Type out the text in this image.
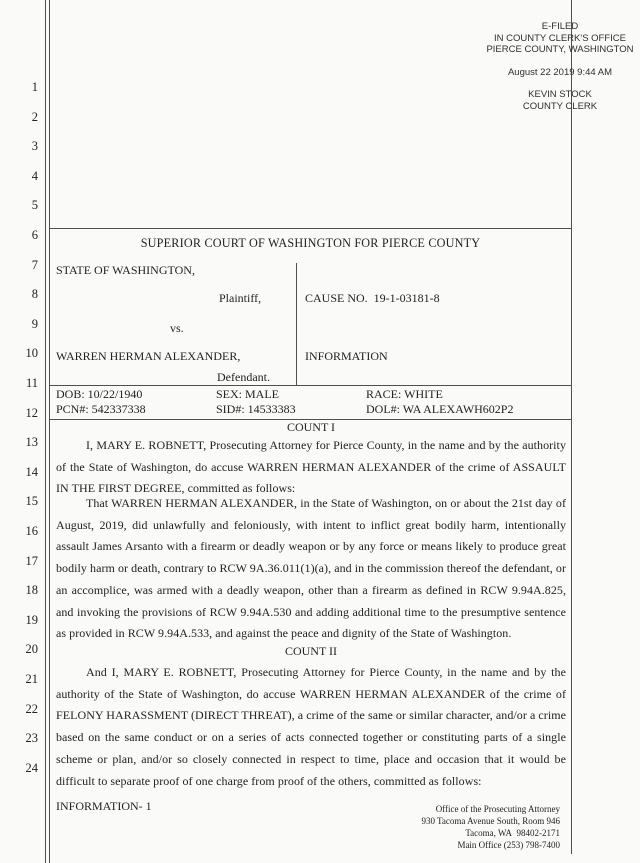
1
2
3
4
5
6
7
8
9
10
11
12
13
14
15
16
17
18
19
20
21
22
23
24
E-FILED
IN COUNTY CLERK'S OFFICE
PIERCE COUNTY, WASHINGTON
August 22 2019 9:44 AM
KEVIN STOCK
COUNTY CLERK
SUPERIOR COURT OF WASHINGTON FOR PIERCE COUNTY
STATE OF WASHINGTON,
Plaintiff,	CAUSE NO.  19-1-03181-8
vs.
WARREN HERMAN ALEXANDER,	INFORMATION
Defendant.
DOB: 10/22/1940	SEX: MALE	RACE: WHITE
PCN#: 542337338	SID#: 14533383	DOL#: WA ALEXAWH602P2
COUNT I
I, MARY E. ROBNETT, Prosecuting Attorney for Pierce County, in the name and by the authority of the State of Washington, do accuse WARREN HERMAN ALEXANDER of the crime of ASSAULT IN THE FIRST DEGREE, committed as follows:
That WARREN HERMAN ALEXANDER, in the State of Washington, on or about the 21st day of August, 2019, did unlawfully and feloniously, with intent to inflict great bodily harm, intentionally assault James Arsanto with a firearm or deadly weapon or by any force or means likely to produce great bodily harm or death, contrary to RCW 9A.36.011(1)(a), and in the commission thereof the defendant, or an accomplice, was armed with a deadly weapon, other than a firearm as defined in RCW 9.94A.825, and invoking the provisions of RCW 9.94A.530 and adding additional time to the presumptive sentence as provided in RCW 9.94A.533, and against the peace and dignity of the State of Washington.
COUNT II
And I, MARY E. ROBNETT, Prosecuting Attorney for Pierce County, in the name and by the authority of the State of Washington, do accuse WARREN HERMAN ALEXANDER of the crime of FELONY HARASSMENT (DIRECT THREAT), a crime of the same or similar character, and/or a crime based on the same conduct or on a series of acts connected together or constituting parts of a single scheme or plan, and/or so closely connected in respect to time, place and occasion that it would be difficult to separate proof of one charge from proof of the others, committed as follows:
INFORMATION- 1	Office of the Prosecuting Attorney
930 Tacoma Avenue South, Room 946
Tacoma, WA  98402-2171
Main Office (253) 798-7400
